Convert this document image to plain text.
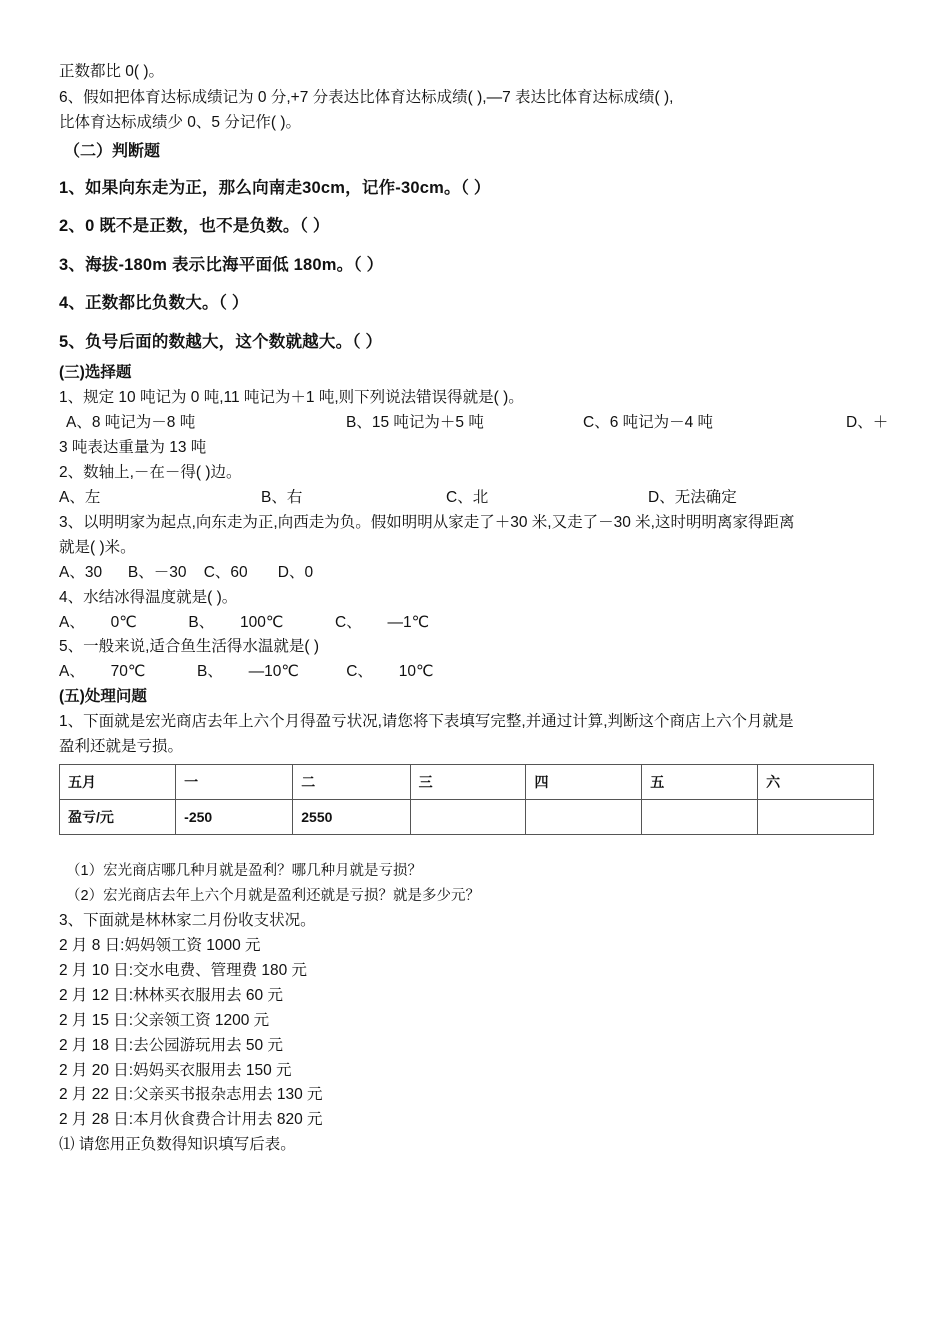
正数都比 0( )。
6、假如把体育达标成绩记为 0 分,+7 分表达比体育达标成绩( ),—7 表达比体育达标成绩( ),
比体育达标成绩少 0、5 分记作( )。
（二）判断题
1、如果向东走为正，那么向南走30cm，记作-30cm。（ ）
2、0 既不是正数，也不是负数。（ ）
3、海拔-180m 表示比海平面低 180m。（ ）
4、正数都比负数大。（ ）
5、负号后面的数越大，这个数就越大。（ ）
(三)选择题
1、规定 10 吨记为 0 吨,11 吨记为＋1 吨,则下列说法错误得就是( )。
A、8 吨记为－8 吨	B、15 吨记为＋5 吨	C、6 吨记为－4 吨	D、＋
3 吨表达重量为 13 吨
2、数轴上,－在－得( )边。
A、左	B、右	C、北	D、无法确定
3、以明明家为起点,向东走为正,向西走为负。假如明明从家走了＋30 米,又走了－30 米,这时明明离家得距离
就是( )米。
A、30      B、－30    C、60       D、0
4、水结冰得温度就是( )。
A、      0℃            B、      100℃            C、      —1℃
5、一般来说,适合鱼生活得水温就是( )
A、      70℃            B、      —10℃           C、      10℃
(五)处理问题
1、下面就是宏光商店去年上六个月得盈亏状况,请您将下表填写完整,并通过计算,判断这个商店上六个月就是
盈利还就是亏损。
五月	一	二	三	四	五	六
盈亏/元	-250	2550				
（1）宏光商店哪几种月就是盈利？哪几种月就是亏损？
（2）宏光商店去年上六个月就是盈利还就是亏损？就是多少元？
3、下面就是林林家二月份收支状况。
2 月 8 日:妈妈领工资 1000 元
2 月 10 日:交水电费、管理费 180 元
2 月 12 日:林林买衣服用去 60 元
2 月 15 日:父亲领工资 1200 元
2 月 18 日:去公园游玩用去 50 元
2 月 20 日:妈妈买衣服用去 150 元
2 月 22 日:父亲买书报杂志用去 130 元
2 月 28 日:本月伙食费合计用去 820 元
⑴ 请您用正负数得知识填写后表。
